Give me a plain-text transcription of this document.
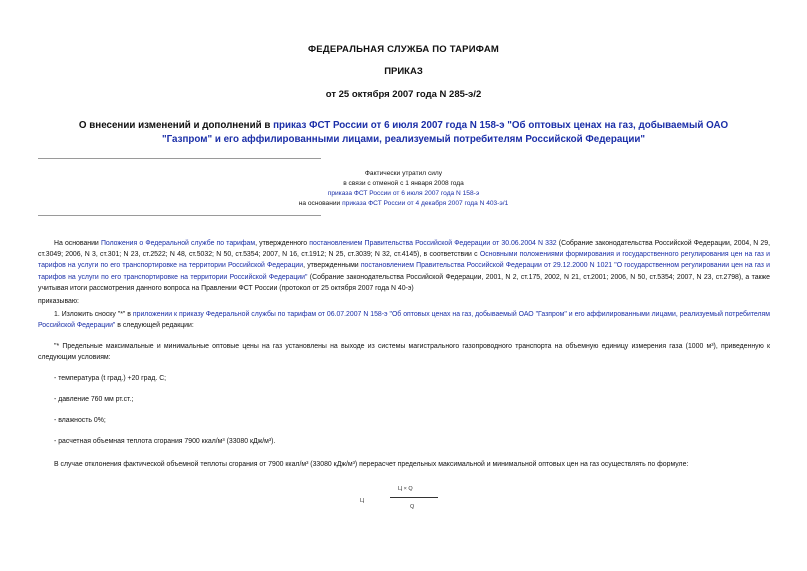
ФЕДЕРАЛЬНАЯ СЛУЖБА ПО ТАРИФАМ
ПРИКАЗ
от 25 октября 2007 года N 285-э/2
О внесении изменений и дополнений в приказ ФСТ России от 6 июля 2007 года N 158-э "Об оптовых ценах на газ, добываемый ОАО "Газпром" и его аффилированными лицами, реализуемый потребителям Российской Федерации"
Фактически утратил силу
в связи с отменой с 1 января 2008 года
приказа ФСТ России от 6 июля 2007 года N 158-э
на основании приказа ФСТ России от 4 декабря 2007 года N 403-э/1
На основании Положения о Федеральной службе по тарифам, утвержденного постановлением Правительства Российской Федерации от 30.06.2004 N 332 (Собрание законодательства Российской Федерации, 2004, N 29, ст.3049; 2006, N 3, ст.301; N 23, ст.2522; N 48, ст.5032; N 50, ст.5354; 2007, N 16, ст.1912; N 25, ст.3039; N 32, ст.4145), в соответствии с Основными положениями формирования и государственного регулирования цен на газ и тарифов на услуги по его транспортировке на территории Российской Федерации, утвержденными постановлением Правительства Российской Федерации от 29.12.2000 N 1021 "О государственном регулировании цен на газ и тарифов на услуги по его транспортировке на территории Российской Федерации" (Собрание законодательства Российской Федерации, 2001, N 2, ст.175, 2002, N 21, ст.2001; 2006, N 50, ст.5354; 2007, N 23, ст.2798), а также учитывая итоги рассмотрения данного вопроса на Правлении ФСТ России (протокол от 25 октября 2007 года N 40-э)
приказываю:
1. Изложить сноску "*" в приложении к приказу Федеральной службы по тарифам от 06.07.2007 N 158-э "Об оптовых ценах на газ, добываемый ОАО "Газпром" и его аффилированными лицами, реализуемый потребителям Российской Федерации" в следующей редакции:
"* Предельные максимальные и минимальные оптовые цены на газ установлены на выходе из системы магистрального газопроводного транспорта на объемную единицу измерения газа (1000 м³), приведенную к следующим условиям:
- температура (t град.) +20 град. С;
- давление 760 мм рт.ст.;
- влажность 0%;
- расчетная объемная теплота сгорания 7900 ккал/м³ (33080 кДж/м³).
В случае отклонения фактической объемной теплоты сгорания от 7900 ккал/м³ (33080 кДж/м³) перерасчет предельных максимальной и минимальной оптовых цен на газ осуществлять по формуле:
Ц
Ц × Q
Q
